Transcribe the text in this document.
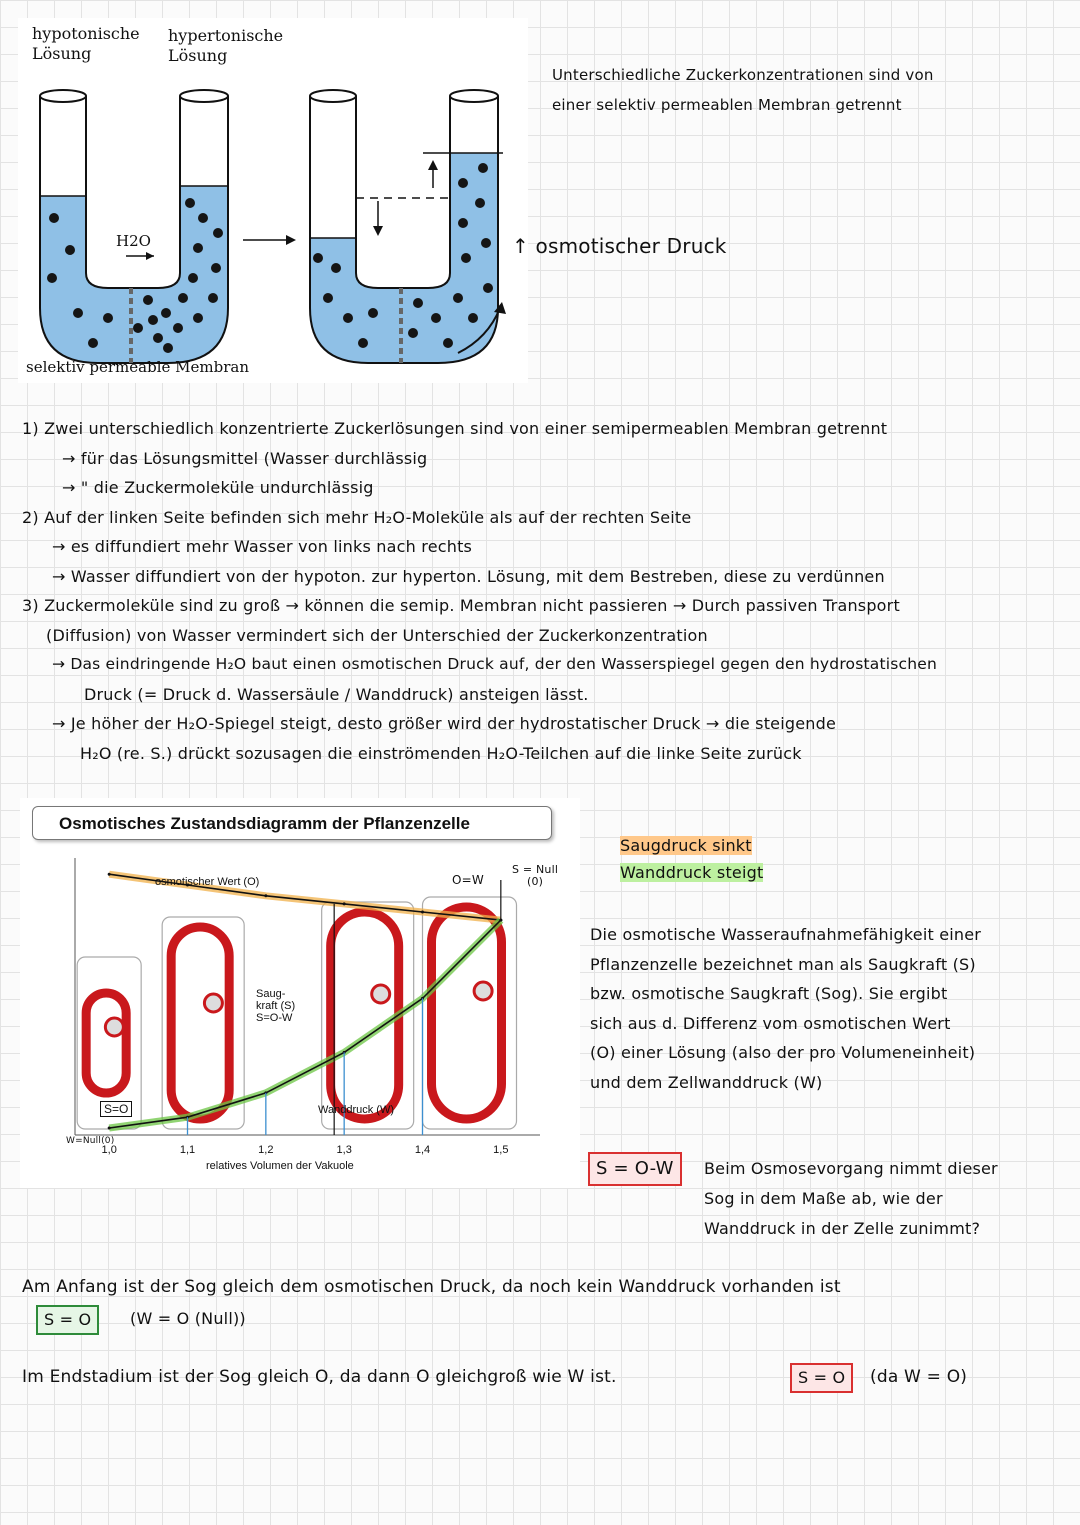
hypotonische
Lösung
hypertonische
Lösung
H2O
selektiv permeable Membran
Unterschiedliche Zuckerkonzentrationen sind von
einer selektiv permeablen Membran getrennt
↑ osmotischer Druck
1) Zwei unterschiedlich konzentrierte Zuckerlösungen sind von einer semipermeablen Membran getrennt
→ für das Lösungsmittel (Wasser durchlässig
→ " die Zuckermoleküle undurchlässig
2) Auf der linken Seite befinden sich mehr H₂O-Moleküle als auf der rechten Seite
→ es diffundiert mehr Wasser von links nach rechts
→ Wasser diffundiert von der hypoton. zur hyperton. Lösung, mit dem Bestreben, diese zu verdünnen
3) Zuckermoleküle sind zu groß → können die semip. Membran nicht passieren → Durch passiven Transport
(Diffusion) von Wasser vermindert sich der Unterschied der Zuckerkonzentration
→ Das eindringende H₂O baut einen osmotischen Druck auf, der den Wasserspiegel gegen den hydrostatischen
Druck (= Druck d. Wassersäule / Wanddruck) ansteigen lässt.
→ Je höher der H₂O-Spiegel steigt, desto größer wird der hydrostatischer Druck → die steigende
H₂O (re. S.) drückt sozusagen die einströmenden H₂O-Teilchen auf die linke Seite zurück
Osmotisches Zustandsdiagramm der Pflanzenzelle
1,0	1,1	1,2	1,3	1,4	1,5
osmotischer Wert (O)	O=W
S = Null
(0)
Saug-
kraft (S)
S=O-W
Wanddruck (W)
S=O
W=Null(0)
relatives Volumen der Vakuole
Saugdruck sinkt
Wanddruck steigt
Die osmotische Wasseraufnahmefähigkeit einer
Pflanzenzelle bezeichnet man als Saugkraft (S)
bzw. osmotische Saugkraft (Sog). Sie ergibt
sich aus d. Differenz vom osmotischen Wert
(O) einer Lösung (also der pro Volumeneinheit)
und dem Zellwanddruck (W)
S = O-W	Beim Osmosevorgang nimmt dieser
Sog in dem Maße ab, wie der
Wanddruck in der Zelle zunimmt?
Am Anfang ist der Sog gleich dem osmotischen Druck, da noch kein Wanddruck vorhanden ist
S = O	(W = O (Null))
Im Endstadium ist der Sog gleich O, da dann O gleichgroß wie W ist.	S = O	(da W = O)
